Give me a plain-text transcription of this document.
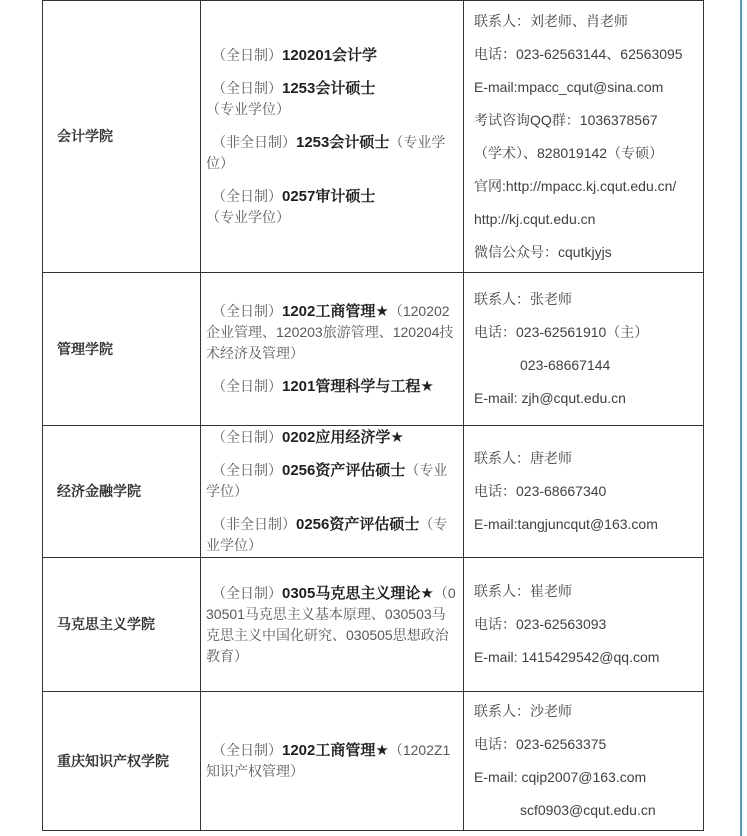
会计学院

（全日制）120201会计学

（全日制）1253会计硕士（专业学位）

（非全日制）1253会计硕士（专业学位）

（全日制）0257审计硕士（专业学位）

联系人：刘老师、肖老师

电话：023-62563144、62563095

E-mail:mpacc_cqut@sina.com

考试咨询QQ群：1036378567

（学术）、828019142（专硕）

官网:http://mpacc.kj.cqut.edu.cn/

http://kj.cqut.edu.cn

微信公众号：cqutkjyjs

管理学院

（全日制）1202工商管理★（120202企业管理、120203旅游管理、120204技术经济及管理）

（全日制）1201管理科学与工程★

联系人：张老师

电话：023-62561910（主）

023-68667144

E-mail: zjh@cqut.edu.cn

经济金融学院

（全日制）0202应用经济学★

（全日制）0256资产评估硕士（专业学位）

（非全日制）0256资产评估硕士（专业学位）

联系人：唐老师

电话：023-68667340

E-mail:tangjuncqut@163.com

马克思主义学院

（全日制）0305马克思主义理论★（030501马克思主义基本原理、030503马克思主义中国化研究、030505思想政治教育）

联系人：崔老师

电话：023-62563093

E-mail: 1415429542@qq.com

重庆知识产权学院

（全日制）1202工商管理★（1202Z1知识产权管理）

联系人：沙老师

电话：023-62563375

E-mail: cqip2007@163.com

scf0903@cqut.edu.cn
